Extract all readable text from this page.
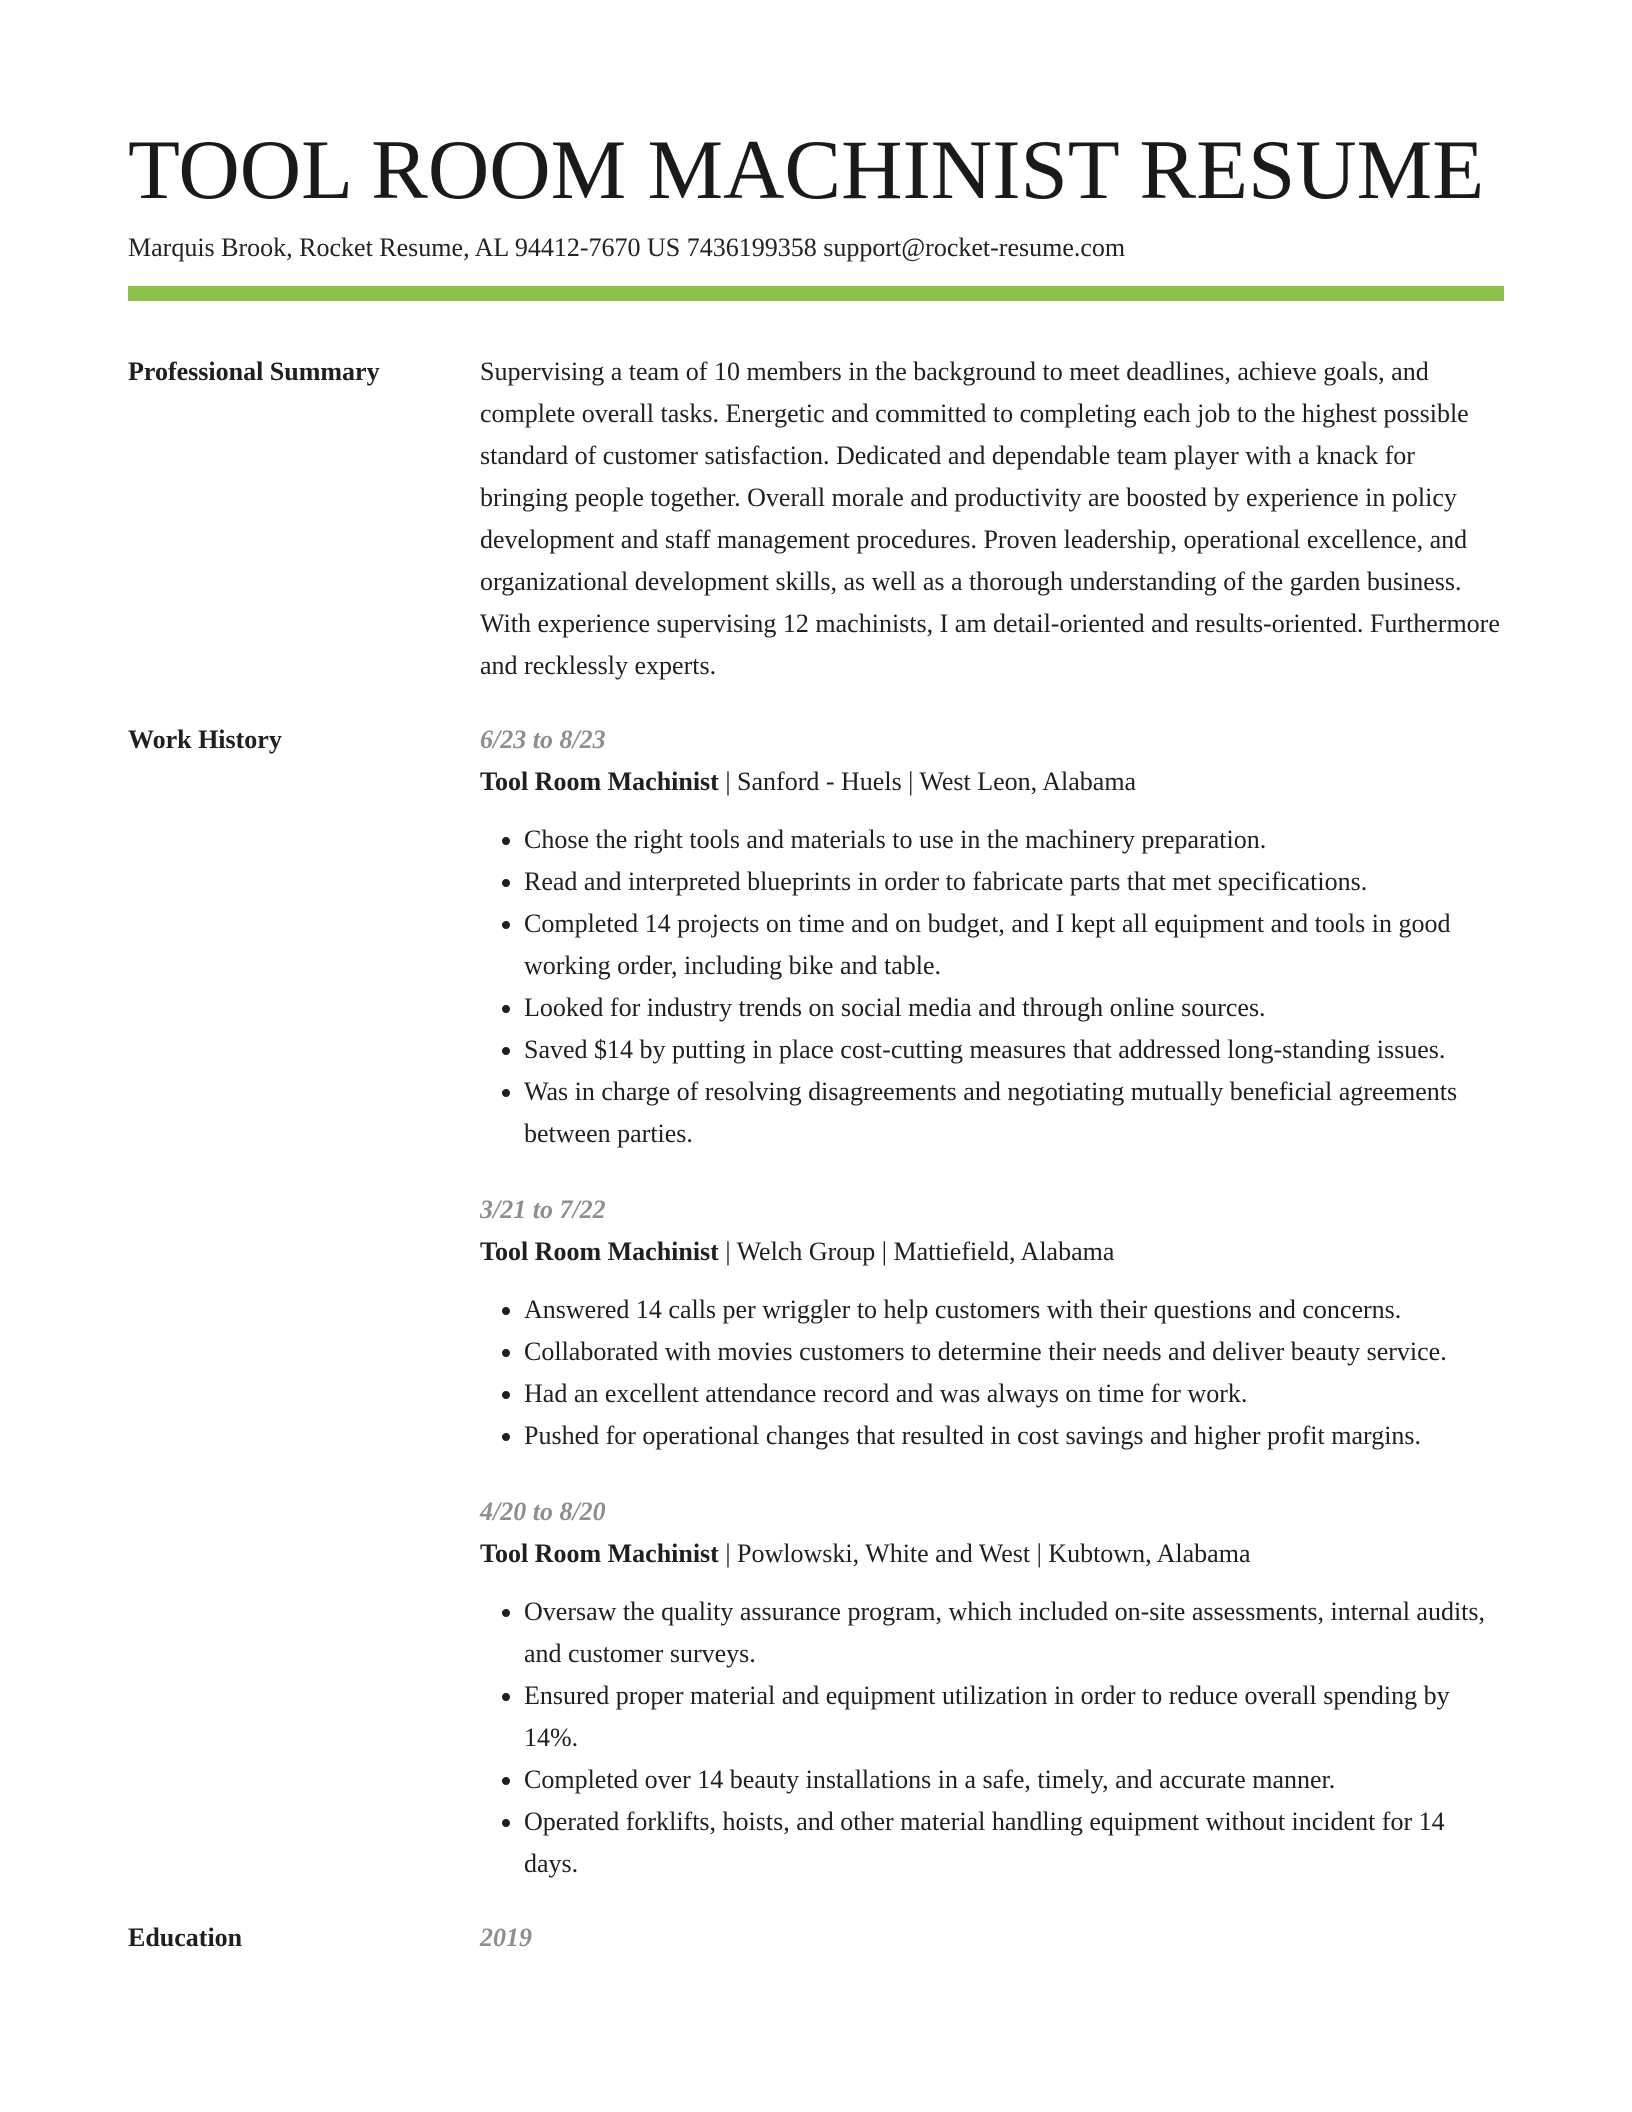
TOOL ROOM MACHINIST RESUME
Marquis Brook, Rocket Resume, AL 94412-7670 US 7436199358 support@rocket-resume.com
Professional Summary	Supervising a team of 10 members in the background to meet deadlines, achieve goals, and complete overall tasks. Energetic and committed to completing each job to the highest possible standard of customer satisfaction. Dedicated and dependable team player with a knack for bringing people together. Overall morale and productivity are boosted by experience in policy development and staff management procedures. Proven leadership, operational excellence, and organizational development skills, as well as a thorough understanding of the garden business. With experience supervising 12 machinists, I am detail-oriented and results-oriented. Furthermore and recklessly experts.

Work History	6/23 to 8/23
Tool Room Machinist | Sanford - Huels | West Leon, Alabama
• Chose the right tools and materials to use in the machinery preparation.
• Read and interpreted blueprints in order to fabricate parts that met specifications.
• Completed 14 projects on time and on budget, and I kept all equipment and tools in good working order, including bike and table.
• Looked for industry trends on social media and through online sources.
• Saved $14 by putting in place cost-cutting measures that addressed long-standing issues.
• Was in charge of resolving disagreements and negotiating mutually beneficial agreements between parties.
3/21 to 7/22
Tool Room Machinist | Welch Group | Mattiefield, Alabama
• Answered 14 calls per wriggler to help customers with their questions and concerns.
• Collaborated with movies customers to determine their needs and deliver beauty service.
• Had an excellent attendance record and was always on time for work.
• Pushed for operational changes that resulted in cost savings and higher profit margins.
4/20 to 8/20
Tool Room Machinist | Powlowski, White and West | Kubtown, Alabama
• Oversaw the quality assurance program, which included on-site assessments, internal audits, and customer surveys.
• Ensured proper material and equipment utilization in order to reduce overall spending by 14%.
• Completed over 14 beauty installations in a safe, timely, and accurate manner.
• Operated forklifts, hoists, and other material handling equipment without incident for 14 days.
Education	2019
